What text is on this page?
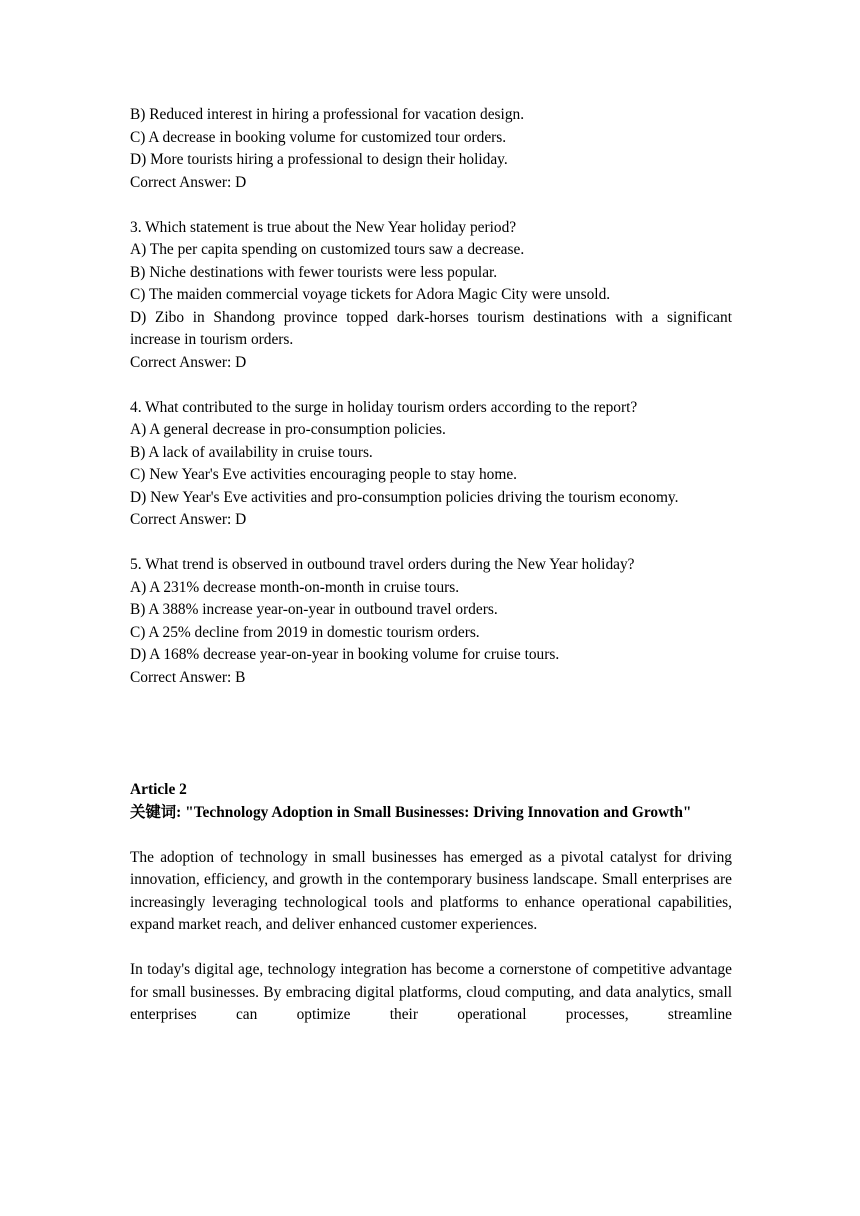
B) Reduced interest in hiring a professional for vacation design.
C) A decrease in booking volume for customized tour orders.
D) More tourists hiring a professional to design their holiday.
Correct Answer: D
3. Which statement is true about the New Year holiday period?
A) The per capita spending on customized tours saw a decrease.
B) Niche destinations with fewer tourists were less popular.
C) The maiden commercial voyage tickets for Adora Magic City were unsold.
D) Zibo in Shandong province topped dark-horses tourism destinations with a significant increase in tourism orders.
Correct Answer: D
4. What contributed to the surge in holiday tourism orders according to the report?
A) A general decrease in pro-consumption policies.
B) A lack of availability in cruise tours.
C) New Year's Eve activities encouraging people to stay home.
D) New Year's Eve activities and pro-consumption policies driving the tourism economy.
Correct Answer: D
5. What trend is observed in outbound travel orders during the New Year holiday?
A) A 231% decrease month-on-month in cruise tours.
B) A 388% increase year-on-year in outbound travel orders.
C) A 25% decline from 2019 in domestic tourism orders.
D) A 168% decrease year-on-year in booking volume for cruise tours.
Correct Answer: B
Article 2
关键词: "Technology Adoption in Small Businesses: Driving Innovation and Growth"
The adoption of technology in small businesses has emerged as a pivotal catalyst for driving innovation, efficiency, and growth in the contemporary business landscape. Small enterprises are increasingly leveraging technological tools and platforms to enhance operational capabilities, expand market reach, and deliver enhanced customer experiences.
In today's digital age, technology integration has become a cornerstone of competitive advantage for small businesses. By embracing digital platforms, cloud computing, and data analytics, small enterprises can optimize their operational processes, streamline
